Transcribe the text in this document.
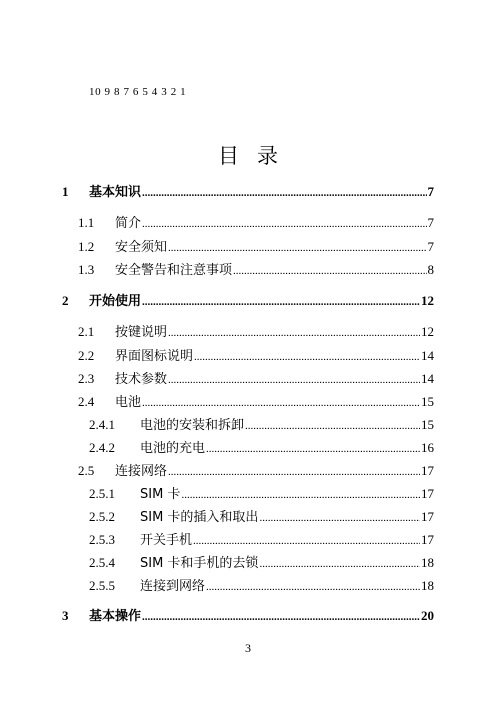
10 9 8 7 6 5 4 3 2 1
目 录
1	基本知识 .....	7
1.1	简介 .....	7
1.2	安全须知 .....	7
1.3	安全警告和注意事项 .....	8
2	开始使用 .....	12
2.1	按键说明 .....	12
2.2	界面图标说明 .....	14
2.3	技术参数 .....	14
2.4	电池 .....	15
2.4.1	电池的安装和拆卸 .....	15
2.4.2	电池的充电 .....	16
2.5	连接网络 .....	17
2.5.1	SIM 卡 .....	17
2.5.2	SIM 卡的插入和取出 .....	17
2.5.3	开关手机 .....	17
2.5.4	SIM 卡和手机的去锁 .....	18
2.5.5	连接到网络 .....	18
3	基本操作 .....	20
3
